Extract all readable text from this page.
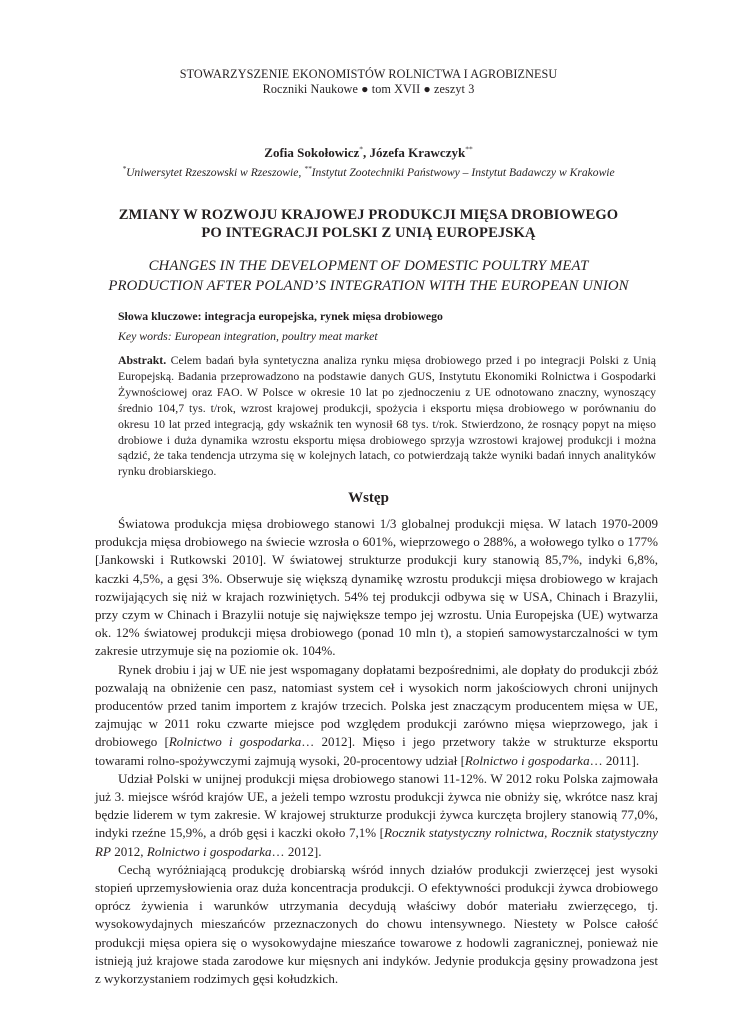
STOWARZYSZENIE EKONOMISTÓW ROLNICTWA I AGROBIZNESU
Roczniki Naukowe ● tom XVII ● zeszyt 3
Zofia Sokołowicz*, Józefa Krawczyk**
*Uniwersytet Rzeszowski w Rzeszowie, **Instytut Zootechniki Państwowy – Instytut Badawczy w Krakowie
ZMIANY W ROZWOJU KRAJOWEJ PRODUKCJI MIĘSA DROBIOWEGO
PO INTEGRACJI POLSKI Z UNIĄ EUROPEJSKĄ
CHANGES IN THE DEVELOPMENT OF DOMESTIC POULTRY MEAT
PRODUCTION AFTER POLAND’S INTEGRATION WITH THE EUROPEAN UNION
Słowa kluczowe: integracja europejska, rynek mięsa drobiowego
Key words: European integration, poultry meat market
Abstrakt. Celem badań była syntetyczna analiza rynku mięsa drobiowego przed i po integracji Polski z Unią Europejską. Badania przeprowadzono na podstawie danych GUS, Instytutu Ekonomiki Rolnictwa i Gospodarki Żywnościowej oraz FAO. W Polsce w okresie 10 lat po zjednoczeniu z UE odnotowano znaczny, wynoszący średnio 104,7 tys. t/rok, wzrost krajowej produkcji, spożycia i eksportu mięsa drobiowego w porównaniu do okresu 10 lat przed integracją, gdy wskaźnik ten wynosił 68 tys. t/rok. Stwierdzono, że rosnący popyt na mięso drobiowe i duża dynamika wzrostu eksportu mięsa drobiowego sprzyja wzrostowi krajowej produkcji i można sądzić, że taka tendencja utrzyma się w kolejnych latach, co potwierdzają także wyniki badań innych analityków rynku drobiarskiego.
Wstęp

Światowa produkcja mięsa drobiowego stanowi 1/3 globalnej produkcji mięsa. W latach 1970-2009 produkcja mięsa drobiowego na świecie wzrosła o 601%, wieprzowego o 288%, a wołowego tylko o 177% [Jankowski i Rutkowski 2010]. W światowej strukturze produkcji kury stanowią 85,7%, indyki 6,8%, kaczki 4,5%, a gęsi 3%. Obserwuje się większą dynamikę wzrostu produkcji mięsa drobiowego w krajach rozwijających się niż w krajach rozwiniętych. 54% tej produkcji odbywa się w USA, Chinach i Brazylii, przy czym w Chinach i Brazylii notuje się największe tempo jej wzrostu. Unia Europejska (UE) wytwarza ok. 12% światowej produkcji mięsa drobiowego (ponad 10 mln t), a stopień samowystarczalności w tym zakresie utrzymuje się na poziomie ok. 104%.

Rynek drobiu i jaj w UE nie jest wspomagany dopłatami bezpośrednimi, ale dopłaty do produkcji zbóż pozwalają na obniżenie cen pasz, natomiast system ceł i wysokich norm jakościowych chroni unijnych producentów przed tanim importem z krajów trzecich. Polska jest znaczącym producentem mięsa w UE, zajmując w 2011 roku czwarte miejsce pod względem produkcji zarówno mięsa wieprzowego, jak i drobiowego [Rolnictwo i gospodarka… 2012]. Mięso i jego przetwory także w strukturze eksportu towarami rolno-spożywczymi zajmują wysoki, 20-procentowy udział [Rolnictwo i gospodarka… 2011].

Udział Polski w unijnej produkcji mięsa drobiowego stanowi 11-12%. W 2012 roku Polska zajmowała już 3. miejsce wśród krajów UE, a jeżeli tempo wzrostu produkcji żywca nie obniży się, wkrótce nasz kraj będzie liderem w tym zakresie. W krajowej strukturze produkcji żywca kurczęta brojlery stanowią 77,0%, indyki rzeźne 15,9%, a drób gęsi i kaczki około 7,1% [Rocznik statystyczny rolnictwa, Rocznik statystyczny RP 2012, Rolnictwo i gospodarka… 2012].

Cechą wyróżniającą produkcję drobiarską wśród innych działów produkcji zwierzęcej jest wysoki stopień uprzemysłowienia oraz duża koncentracja produkcji. O efektywności produkcji żywca drobiowego oprócz żywienia i warunków utrzymania decydują właściwy dobór materiału zwierzęcego, tj. wysokowydajnych mieszańców przeznaczonych do chowu intensywnego. Niestety w Polsce całość produkcji mięsa opiera się o wysokowydajne mieszańce towarowe z hodowli zagranicznej, ponieważ nie istnieją już krajowe stada zarodowe kur mięsnych ani indyków. Jedynie produkcja gęsiny prowadzona jest z wykorzystaniem rodzimych gęsi kołudzkich.
